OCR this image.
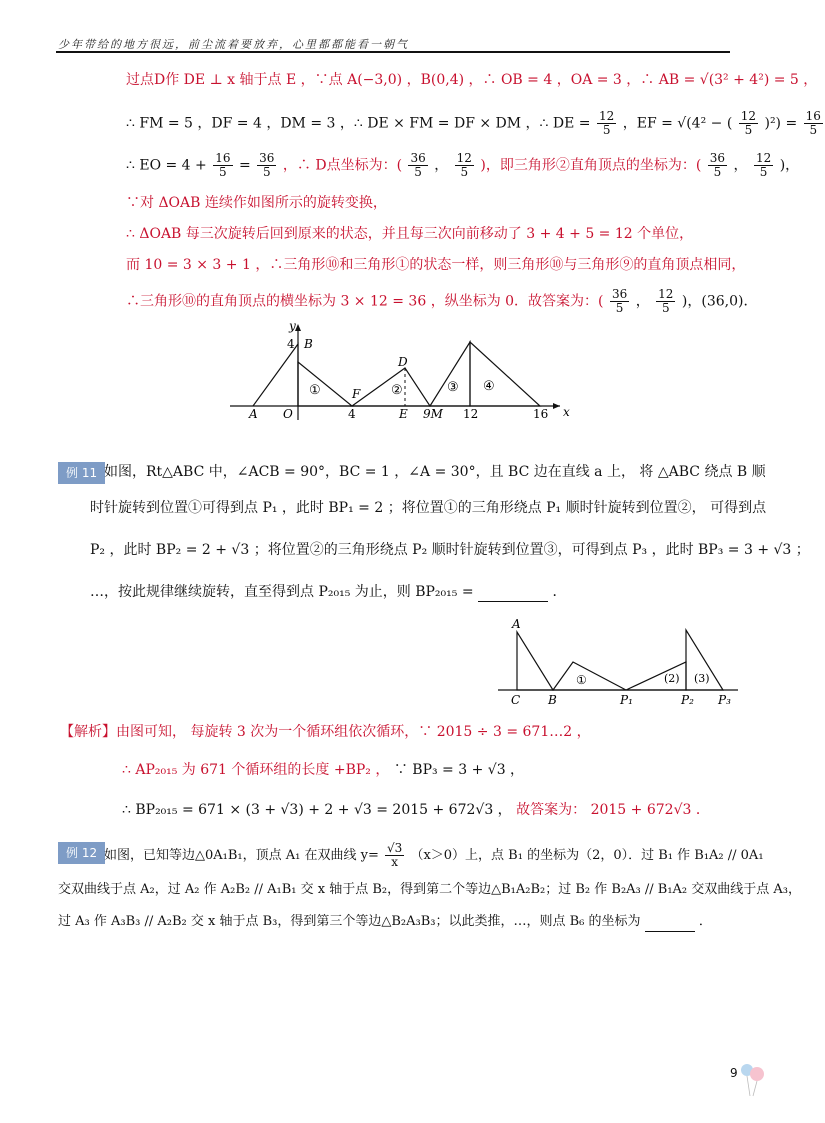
少年带给的地方很远，前尘流着要放弃，心里都都能看一朝气
过点D作 DE ⊥ x 轴于点 E ，∵点 A(−3,0) ，B(0,4) ，∴ OB = 4 ，OA = 3 ，∴ AB = √(3² + 4²) = 5 ，
∴ FM = 5 ，DF = 4 ，DM = 3 ，∴ DE × FM = DF × DM ，∴ DE = $\frac{12}{5}$ ，EF = √(4² − ( $\frac{12}{5} )^2) = \frac{16}{5}$
∴ EO = $4 + \frac{16}{5} = \frac{36}{5}$ ，∴ D点坐标为：( $\frac{36}{5}$ ， $\frac{12}{5}$ )，即三角形②直角顶点的坐标为：( $\frac{36}{5}$ ， $\frac{12}{5}$ )，
∵对 ΔOAB 连续作如图所示的旋转变换，
∴ ΔOAB 每三次旋转后回到原来的状态，并且每三次向前移动了 3 + 4 + 5 = 12 个单位，
而 10 = 3 × 3 + 1 ，∴三角形⑩和三角形①的状态一样，则三角形⑩与三角形⑨的直角顶点相同，
∴三角形⑩的直角顶点的横坐标为 3 × 12 = 36 ，纵坐标为 0．故答案为：( $\frac{36}{5}$ ， $\frac{12}{5}$ )，(36,0)．
y
x
4 B
A O
F
4	E
D
9M 12	16
①	②	③ ④
例 11 如图，Rt△ABC 中，∠ACB = 90°，BC = 1 ，∠A = 30°，且 BC 边在直线 a 上， 将 △ABC 绕点 B 顺
时针旋转到位置①可得到点 P₁ ，此时 BP₁ = 2 ；将位置①的三角形绕点 P₁ 顺时针旋转到位置②， 可得到点
P₂ ，此时 BP₂ = 2 + √3 ；将位置②的三角形绕点 P₂ 顺时针旋转到位置③，可得到点 P₃ ，此时 BP₃ = 3 + √3 ；
…，按此规律继续旋转，直至得到点 P₂₀₁₅ 为止，则 BP₂₀₁₅ =	．
A
C B	P₁	P₂ P₃
①	(2) (3)
【解析】由图可知， 每旋转 3 次为一个循环组依次循环，∵ 2015 ÷ 3 = 671…2 ，
∴ AP₂₀₁₅ 为 671 个循环组的长度 +BP₂ ， ∵ BP₃ = 3 + √3 ，
∴ BP₂₀₁₅ = 671 × (3 + √3) + 2 + √3 = 2015 + 672√3 ， 故答案为： 2015 + 672√3 ．
例 12 如图，已知等边△0A₁B₁，顶点 A₁ 在双曲线 $y= \frac{√3}{x} (x>0)$上，点 B₁ 的坐标为（2，0）．过 B₁ 作 B₁A₂ // 0A₁
交双曲线于点 A₂，过 A₂ 作 A₂B₂ // A₁B₁ 交 x 轴于点 B₂，得到第二个等边△B₁A₂B₂；过 B₂ 作 B₂A₃ // B₁A₂ 交双曲线于点 A₃，
过 A₃ 作 A₃B₃ // A₂B₂ 交 x 轴于点 B₃，得到第三个等边△B₂A₃B₃；以此类推，…，则点 B₆ 的坐标为	．
9
